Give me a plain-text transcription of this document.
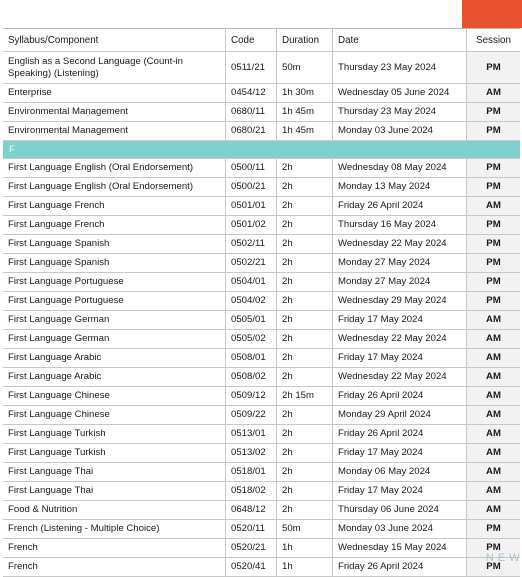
Syllabus/Component	Code	Duration	Date	Session
English as a Second Language (Count-in Speaking) (Listening)
0511/21	50m	Thursday 23 May 2024	PM
Enterprise	0454/12	1h 30m	Wednesday 05 June 2024	AM
Environmental Management	0680/11	1h 45m	Thursday 23 May 2024	PM
Environmental Management	0680/21	1h 45m	Monday 03 June 2024	PM
F
First Language English (Oral Endorsement)	0500/11	2h	Wednesday 08 May 2024	PM
First Language English (Oral Endorsement)	0500/21	2h	Monday 13 May 2024	PM
First Language French	0501/01	2h	Friday 26 April 2024	AM
First Language French	0501/02	2h	Thursday 16 May 2024	PM
First Language Spanish	0502/11	2h	Wednesday 22 May 2024	PM
First Language Spanish	0502/21	2h	Monday 27 May 2024	PM
First Language Portuguese	0504/01	2h	Monday 27 May 2024	PM
First Language Portuguese	0504/02	2h	Wednesday 29 May 2024	PM
First Language German	0505/01	2h	Friday 17 May 2024	AM
First Language German	0505/02	2h	Wednesday 22 May 2024	AM
First Language Arabic	0508/01	2h	Friday 17 May 2024	AM
First Language Arabic	0508/02	2h	Wednesday 22 May 2024	AM
First Language Chinese	0509/12	2h 15m	Friday 26 April 2024	AM
First Language Chinese	0509/22	2h	Monday 29 April 2024	AM
First Language Turkish	0513/01	2h	Friday 26 April 2024	AM
First Language Turkish	0513/02	2h	Friday 17 May 2024	AM
First Language Thai	0518/01	2h	Monday 06 May 2024	AM
First Language Thai	0518/02	2h	Friday 17 May 2024	AM
Food & Nutrition	0648/12	2h	Thursday 06 June 2024	AM
French (Listening - Multiple Choice)	0520/11	50m	Monday 03 June 2024	PM
French	0520/21	1h	Wednesday 15 May 2024	PM
French	0520/41	1h	Friday 26 April 2024	PM
N E W
